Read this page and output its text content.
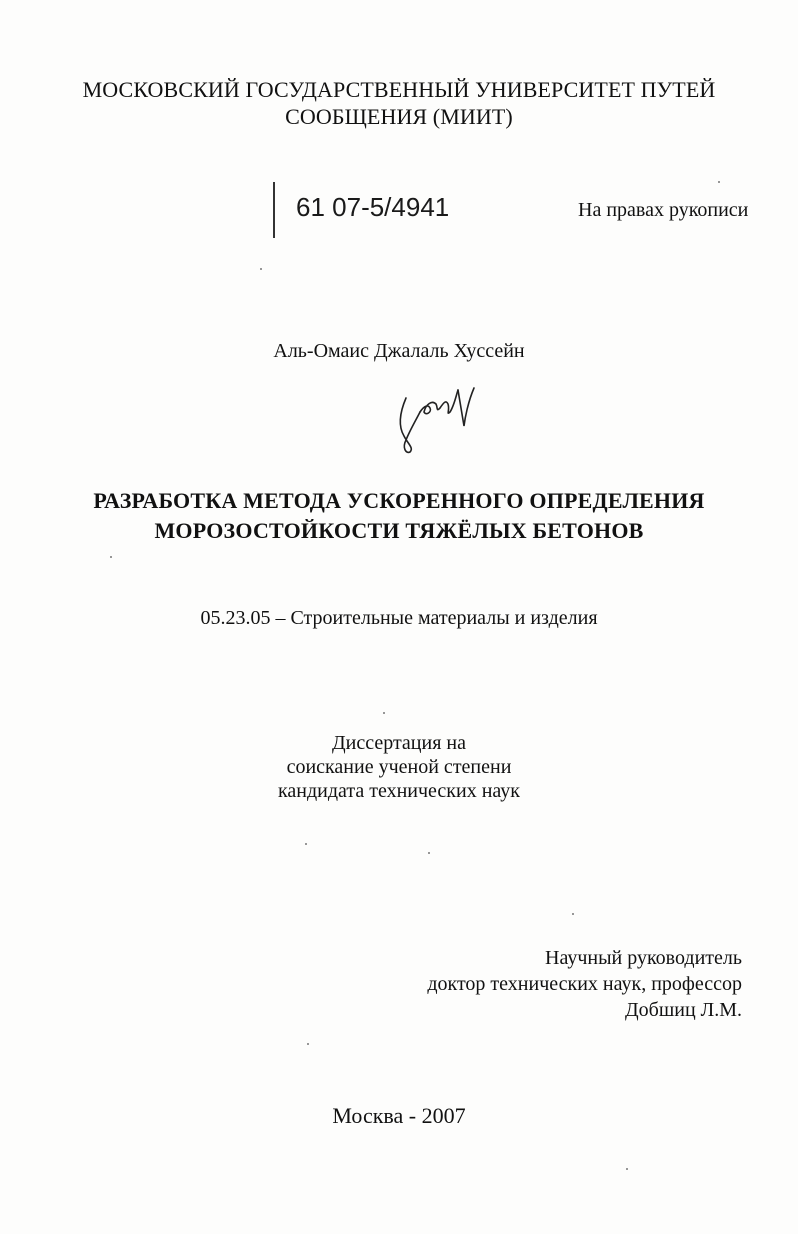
МОСКОВСКИЙ ГОСУДАРСТВЕННЫЙ УНИВЕРСИТЕТ ПУТЕЙ
СООБЩЕНИЯ (МИИТ)
61 07-5/4941	На правах рукописи
Аль-Омаис Джалаль Хуссейн
РАЗРАБОТКА МЕТОДА УСКОРЕННОГО ОПРЕДЕЛЕНИЯ
МОРОЗОСТОЙКОСТИ ТЯЖЁЛЫХ БЕТОНОВ
05.23.05 – Строительные материалы и изделия
Диссертация на
соискание ученой степени
кандидата технических наук
Научный руководитель
доктор технических наук, профессор
Добшиц Л.М.
Москва - 2007
